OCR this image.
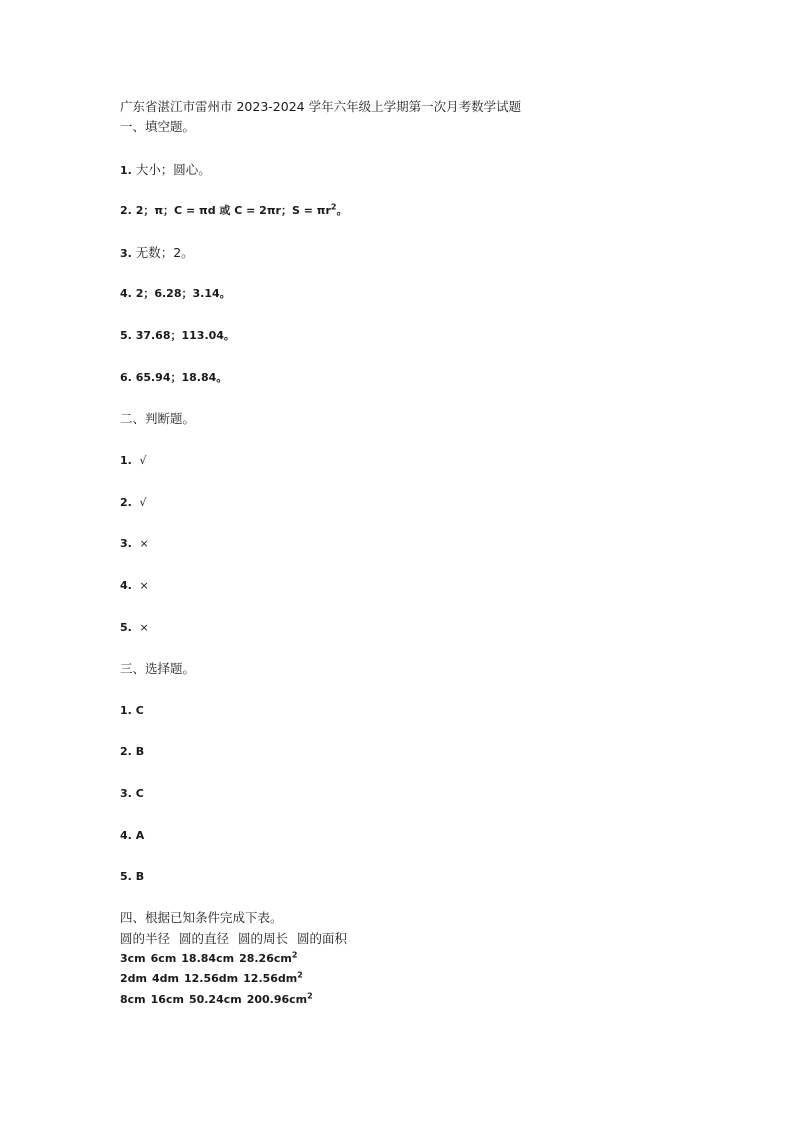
广东省湛江市雷州市 2023-2024 学年六年级上学期第一次月考数学试题
一、填空题。
1. 大小；圆心。
2. 2；π；C = πd 或 C = 2πr；$S = \pi r^2$。
3. 无数；2。
4. 2；6.28；3.14。
5. 37.68；113.04。
6. 65.94；18.84。
二、判断题。
1. √
2. √
3. ×
4. ×
5. ×
三、选择题。
1. C
2. B
3. C
4. A
5. B
四、根据已知条件完成下表。
圆的半径 圆的直径 圆的周长 圆的面积
3cm 6cm 18.84cm $28.26cm^2$
2dm 4dm 12.56dm $12.56dm^2$
8cm 16cm 50.24cm $200.96cm^2$
